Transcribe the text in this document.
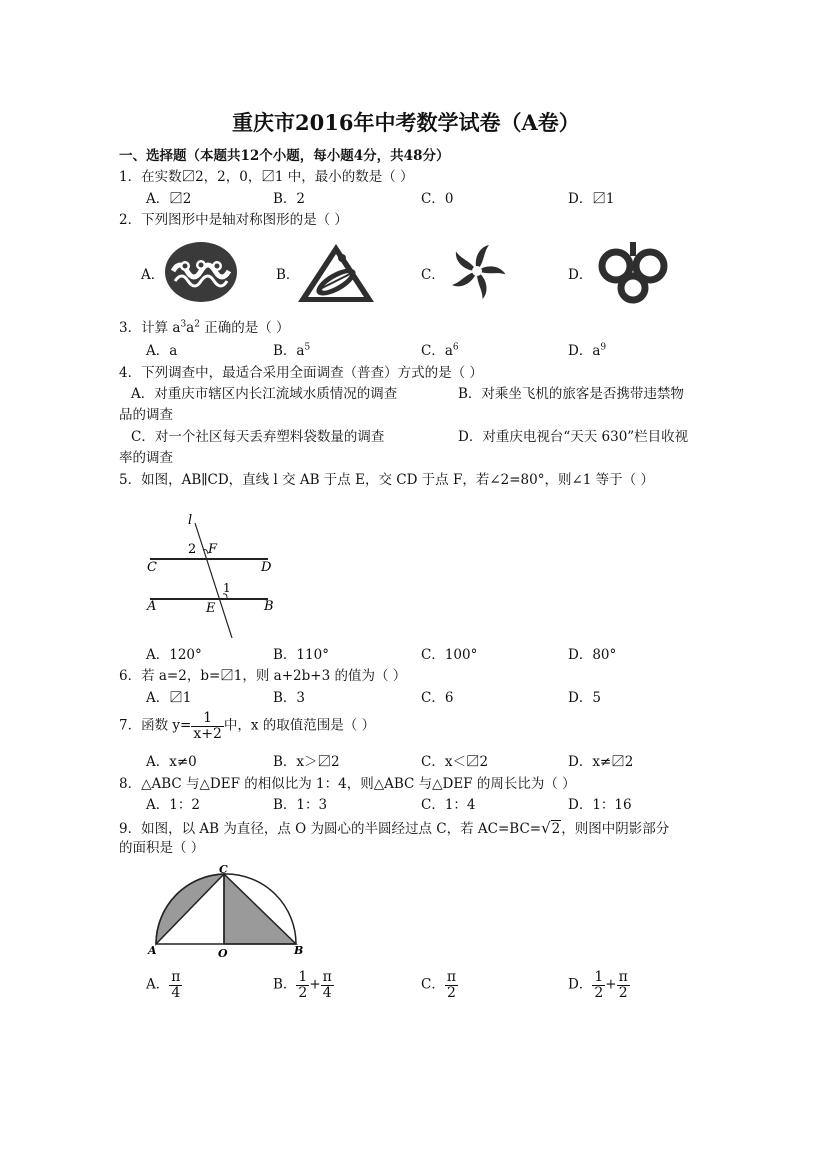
重庆市2016年中考数学试卷（A卷）
一、选择题（本题共12个小题，每小题4分，共48分）
1．在实数〼2，2，0，〼1 中，最小的数是（ ）
A．〼2	B．2	C．0	D．〼1
2．下列图形中是轴对称图形的是（ ）
A．	B．	C．	D．
3．计算 $a^3a^2$ 正确的是（ ）
A．a	B．$a^5$	C．$a^6$	D．$a^9$
4．下列调查中，最适合采用全面调查（普查）方式的是（ ）
A．对重庆市辖区内长江流域水质情况的调查	B．对乘坐飞机的旅客是否携带违禁物
品的调查
C．对一个社区每天丢弃塑料袋数量的调查	D．对重庆电视台“天天 630”栏目收视
率的调查
5．如图，AB∥CD，直线 l 交 AB 于点 E，交 CD 于点 F，若∠2=80°，则∠1 等于（ ）
l
2 F
C	D
1
A	E	B
A．120°	B．110°	C．100°	D．80°
6．若 a=2，b=〼1，则 a+2b+3 的值为（ ）
A．〼1	B．3	C．6	D．5
7．函数 $y= \frac{1}{x+2}$ 中，x 的取值范围是（ ）
A．x≠0	B．x＞〼2	C．x＜〼2	D．x≠〼2
8．△ABC 与△DEF 的相似比为 1：4，则△ABC 与△DEF 的周长比为（ ）
A．1：2	B．1：3	C．1：4	D．1：16
9．如图，以 AB 为直径，点 O 为圆心的半圆经过点 C，若 AC=BC=√2，则图中阴影部分
的面积是（ ）
C
A	O	B
A． $\frac{\pi}{4}$	B． $\frac{1}{2} + \frac{\pi}{4}$	C． $\frac{\pi}{2}$	D． $\frac{1}{2} + \frac{\pi}{2}$
